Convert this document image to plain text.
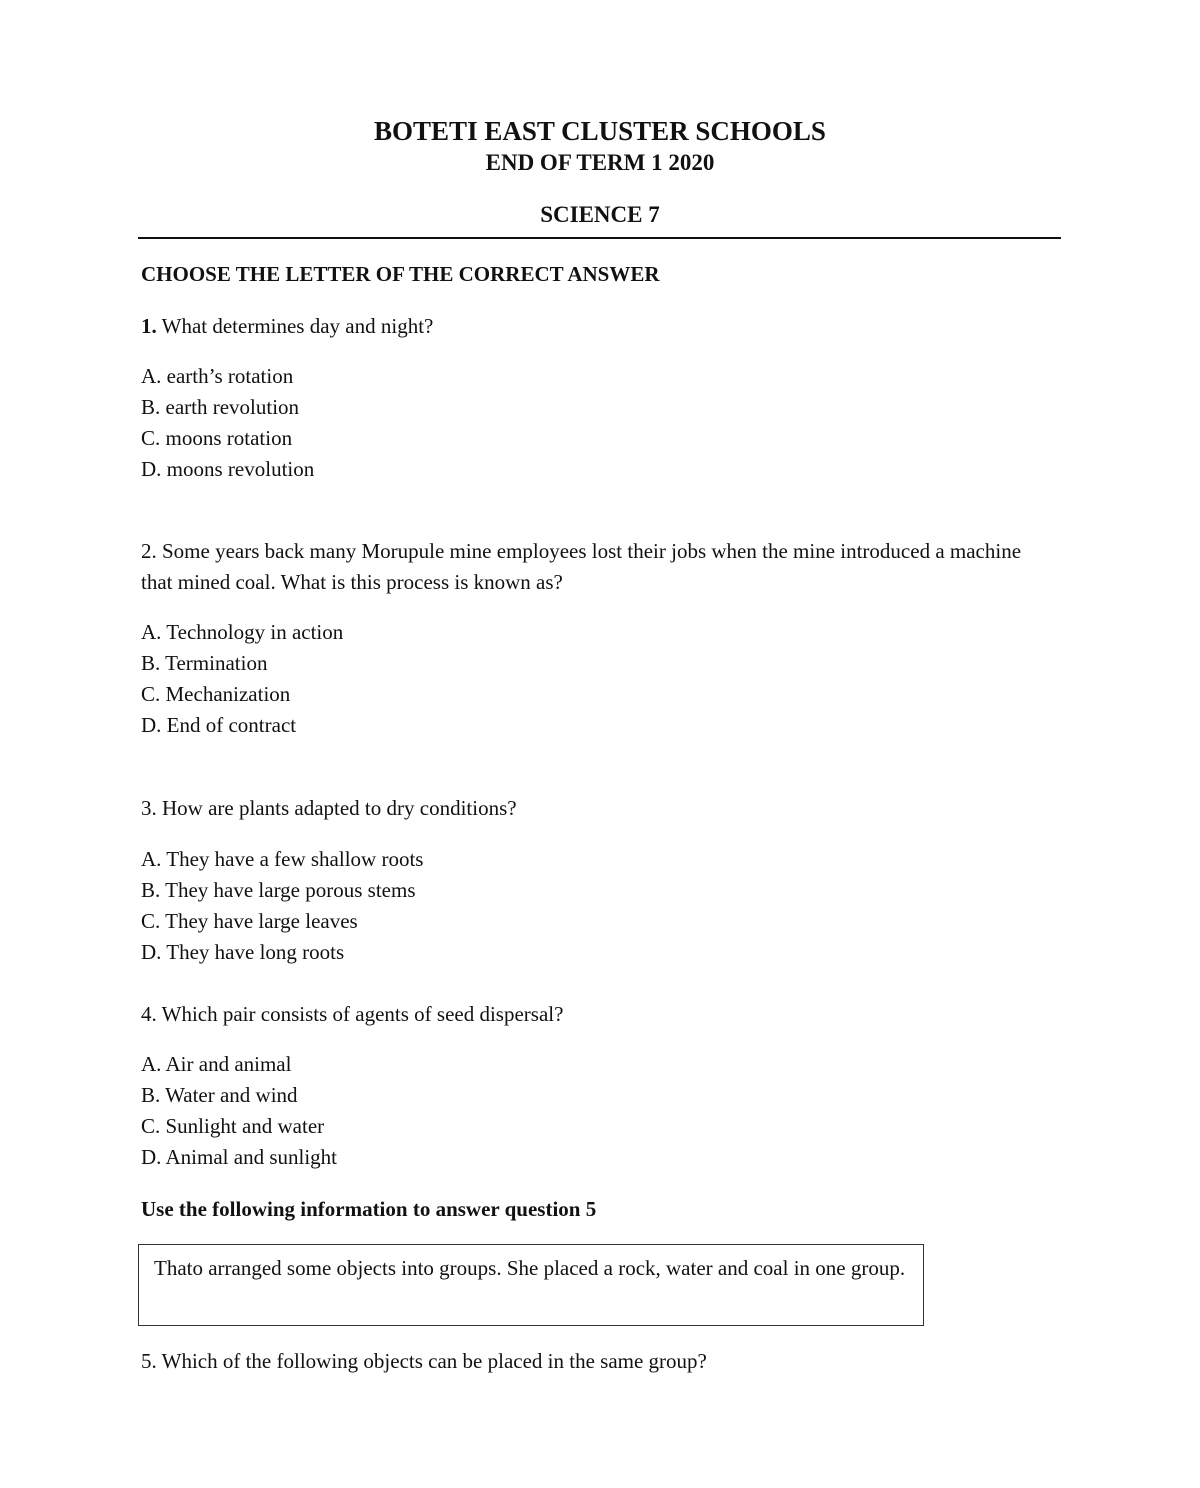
BOTETI EAST CLUSTER SCHOOLS
END OF TERM 1 2020
SCIENCE 7
CHOOSE THE LETTER OF THE CORRECT ANSWER
1. What determines day and night?
A. earth’s rotation
B. earth revolution
C. moons rotation
D. moons revolution
2. Some years back many Morupule mine employees lost their jobs when the mine introduced a machine that mined coal. What is this process is known as?
A. Technology in action
B. Termination
C. Mechanization
D. End of contract
3. How are plants adapted to dry conditions?
A. They have a few shallow roots
B. They have large porous stems
C. They have large leaves
D. They have long roots
4. Which pair consists of agents of seed dispersal?
A. Air and animal
B. Water and wind
C. Sunlight and water
D. Animal and sunlight
Use the following information to answer question 5
Thato arranged some objects into groups. She placed a rock, water and coal in one group.
5. Which of the following objects can be placed in the same group?
